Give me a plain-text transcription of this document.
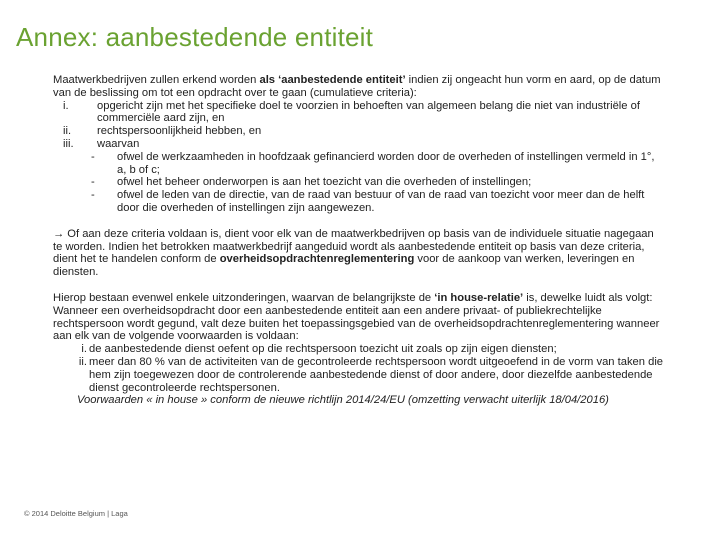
Annex: aanbestedende entiteit

Maatwerkbedrijven zullen erkend worden als ‘aanbestedende entiteit’ indien zij ongeacht hun vorm en aard, op de datum van de beslissing om tot een opdracht over te gaan (cumulatieve criteria):

i.	opgericht zijn met het specifieke doel te voorzien in behoeften van algemeen belang die niet van industriële of commerciële aard zijn, en
ii. rechtspersoonlijkheid hebben, en
iii. waarvan
- ofwel de werkzaamheden in hoofdzaak gefinancierd worden door de overheden of instellingen vermeld in 1°, a, b of c;
- ofwel het beheer onderworpen is aan het toezicht van die overheden of instellingen;
- ofwel de leden van de directie, van de raad van bestuur of van de raad van toezicht voor meer dan de helft door die overheden of instellingen zijn aangewezen.

→ Of aan deze criteria voldaan is, dient voor elk van de maatwerkbedrijven op basis van de individuele situatie nagegaan te worden. Indien het betrokken maatwerkbedrijf aangeduid wordt als aanbestedende entiteit op basis van deze criteria, dient het te handelen conform de overheidsopdrachtenreglementering voor de aankoop van werken, leveringen en diensten.

Hierop bestaan evenwel enkele uitzonderingen, waarvan de belangrijkste de ‘in house-relatie’ is, dewelke luidt als volgt:

Wanneer een overheidsopdracht door een aanbestedende entiteit aan een andere privaat- of publiekrechtelijke rechtspersoon wordt gegund, valt deze buiten het toepassingsgebied van de overheidsopdrachtenreglementering wanneer aan elk van de volgende voorwaarden is voldaan:

i. de aanbestedende dienst oefent op die rechtspersoon toezicht uit zoals op zijn eigen diensten;
ii. meer dan 80 % van de activiteiten van de gecontroleerde rechtspersoon wordt uitgeoefend in de vorm van taken die hem zijn toegewezen door de controlerende aanbestedende dienst of door andere, door diezelfde aanbestedende dienst gecontroleerde rechtspersonen.

Voorwaarden « in house » conform de nieuwe richtlijn 2014/24/EU (omzetting verwacht uiterlijk 18/04/2016)

© 2014 Deloitte Belgium | Laga
